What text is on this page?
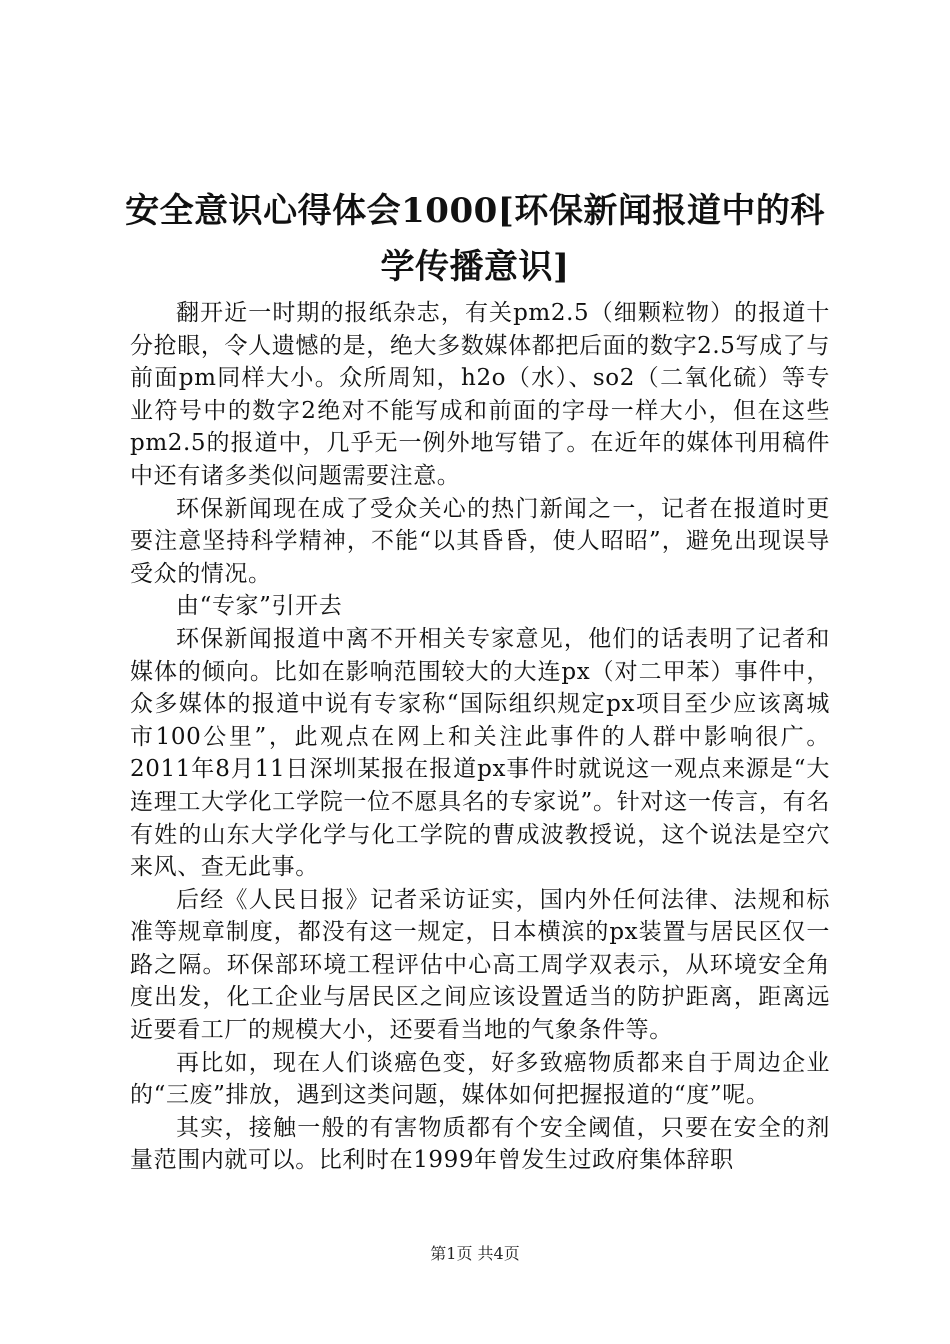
安全意识心得体会1000[环保新闻报道中的科学传播意识]

翻开近一时期的报纸杂志，有关pm2.5（细颗粒物）的报道十分抢眼，令人遗憾的是，绝大多数媒体都把后面的数字2.5写成了与前面pm同样大小。众所周知，h2o（水）、so2（二氧化硫）等专业符号中的数字2绝对不能写成和前面的字母一样大小，但在这些pm2.5的报道中，几乎无一例外地写错了。在近年的媒体刊用稿件中还有诸多类似问题需要注意。

环保新闻现在成了受众关心的热门新闻之一，记者在报道时更要注意坚持科学精神，不能“以其昏昏，使人昭昭”，避免出现误导受众的情况。

由“专家”引开去

环保新闻报道中离不开相关专家意见，他们的话表明了记者和媒体的倾向。比如在影响范围较大的大连px（对二甲苯）事件中，众多媒体的报道中说有专家称“国际组织规定px项目至少应该离城市100公里”，此观点在网上和关注此事件的人群中影响很广。2011年8月11日深圳某报在报道px事件时就说这一观点来源是“大连理工大学化工学院一位不愿具名的专家说”。针对这一传言，有名有姓的山东大学化学与化工学院的曹成波教授说，这个说法是空穴来风、查无此事。

后经《人民日报》记者采访证实，国内外任何法律、法规和标准等规章制度，都没有这一规定，日本横滨的px装置与居民区仅一路之隔。环保部环境工程评估中心高工周学双表示，从环境安全角度出发，化工企业与居民区之间应该设置适当的防护距离，距离远近要看工厂的规模大小，还要看当地的气象条件等。

再比如，现在人们谈癌色变，好多致癌物质都来自于周边企业的“三废”排放，遇到这类问题，媒体如何把握报道的“度”呢。

其实，接触一般的有害物质都有个安全阈值，只要在安全的剂量范围内就可以。比利时在1999年曾发生过政府集体辞职

第1页 共4页
